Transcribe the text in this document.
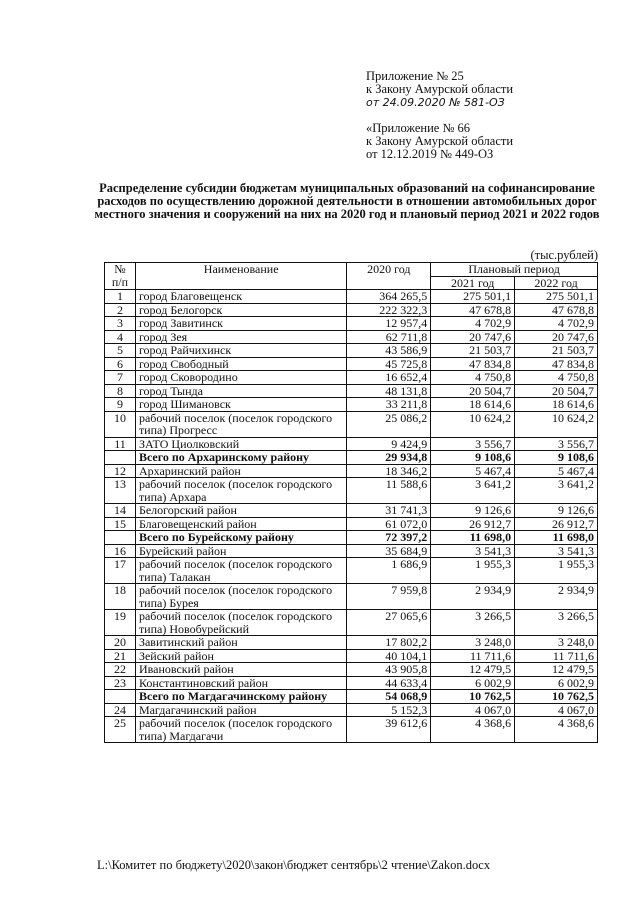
Приложение № 25
к Закону Амурской области
от 24.09.2020 № 581-ОЗ
«Приложение № 66
к Закону Амурской области
от 12.12.2019 № 449-ОЗ
Распределение субсидии бюджетам муниципальных образований на софинансирование расходов по осуществлению дорожной деятельности в отношении автомобильных дорог местного значения и сооружений на них на 2020 год и плановый период 2021 и 2022 годов
(тыс.рублей)
№
п/п	Наименование	2020 год	Плановый период	
			2021 год	2022 год
1	город Благовещенск	364 265,5	275 501,1	275 501,1
2	город Белогорск	222 322,3	47 678,8	47 678,8
3	город Завитинск	12 957,4	4 702,9	4 702,9
4	город Зея	62 711,8	20 747,6	20 747,6
5	город Райчихинск	43 586,9	21 503,7	21 503,7
6	город Свободный	45 725,8	47 834,8	47 834,8
7	город Сковородино	16 652,4	4 750,8	4 750,8
8	город Тында	48 131,8	20 504,7	20 504,7
9	город Шимановск	33 211,8	18 614,6	18 614,6
10	рабочий поселок (поселок городского типа) Прогресс	25 086,2	10 624,2	10 624,2
11	ЗАТО Циолковский	9 424,9	3 556,7	3 556,7
	Всего по Архаринскому району	29 934,8	9 108,6	9 108,6
12	Архаринский район	18 346,2	5 467,4	5 467,4
13	рабочий поселок (поселок городского типа) Архара	11 588,6	3 641,2	3 641,2
14	Белогорский район	31 741,3	9 126,6	9 126,6
15	Благовещенский район	61 072,0	26 912,7	26 912,7
	Всего по Бурейскому району	72 397,2	11 698,0	11 698,0
16	Бурейский район	35 684,9	3 541,3	3 541,3
17	рабочий поселок (поселок городского типа) Талакан	1 686,9	1 955,3	1 955,3
18	рабочий поселок (поселок городского типа) Бурея	7 959,8	2 934,9	2 934,9
19	рабочий поселок (поселок городского типа) Новобурейский	27 065,6	3 266,5	3 266,5
20	Завитинский район	17 802,2	3 248,0	3 248,0
21	Зейский район	40 104,1	11 711,6	11 711,6
22	Ивановский район	43 905,8	12 479,5	12 479,5
23	Константиновский район	44 633,4	6 002,9	6 002,9
	Всего по Магдагачинскому району	54 068,9	10 762,5	10 762,5
24	Магдагачинский район	5 152,3	4 067,0	4 067,0
25	рабочий поселок (поселок городского типа) Магдагачи	39 612,6	4 368,6	4 368,6
L:\Комитет по бюджету\2020\закон\бюджет сентябрь\2 чтение\Zakon.docx
